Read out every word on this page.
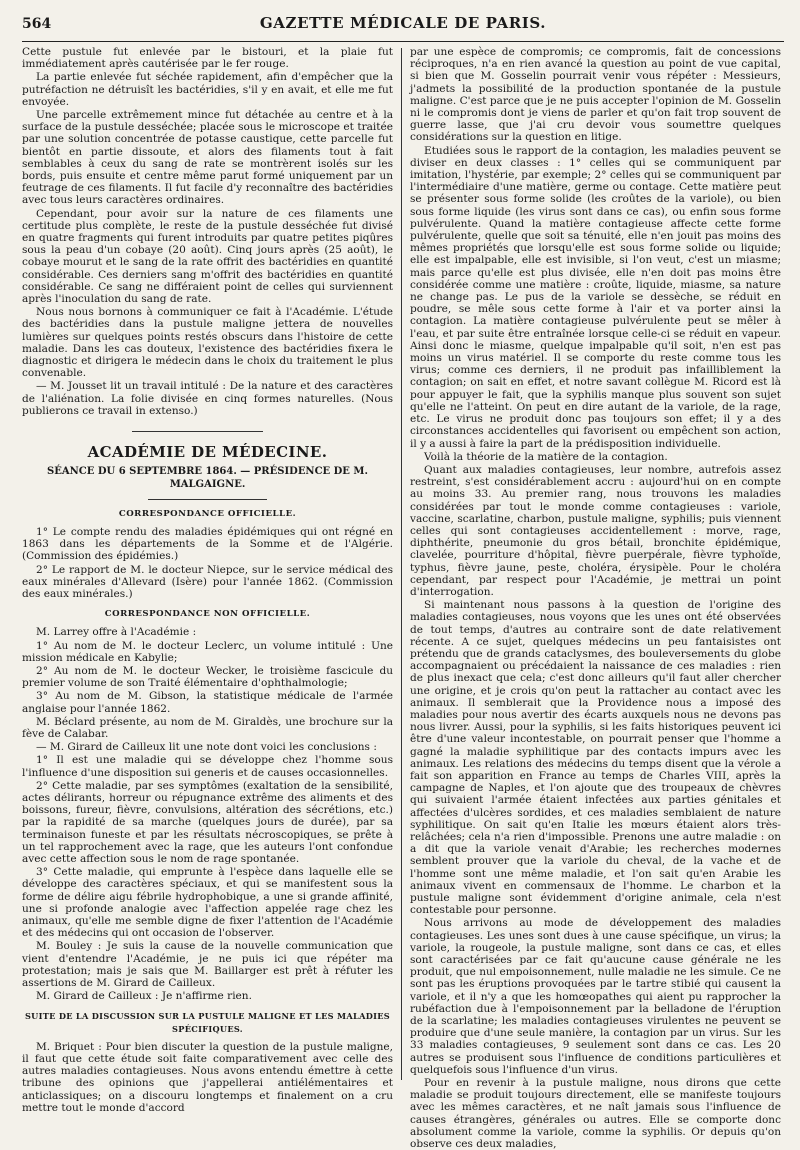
564	GAZETTE MÉDICALE DE PARIS.

Cette pustule fut enlevée par le bistouri, et la plaie fut immédiatement après cautérisée par le fer rouge.

La partie enlevée fut séchée rapidement, afin d'empêcher que la putréfaction ne détruisît les bactéridies, s'il y en avait, et elle me fut envoyée.

Une parcelle extrêmement mince fut détachée au centre et à la surface de la pustule desséchée; placée sous le microscope et traitée par une solution concentrée de potasse caustique, cette parcelle fut bientôt en partie dissoute, et alors des filaments tout à fait semblables à ceux du sang de rate se montrèrent isolés sur les bords, puis ensuite et centre même parut formé uniquement par un feutrage de ces filaments. Il fut facile d'y reconnaître des bactéridies avec tous leurs caractères ordinaires.

Cependant, pour avoir sur la nature de ces filaments une certitude plus complète, le reste de la pustule desséchée fut divisé en quatre fragments qui furent introduits par quatre petites piqûres sous la peau d'un cobaye (20 août). Cinq jours après (25 août), le cobaye mourut et le sang de la rate offrit des bactéridies en quantité considérable. Ces derniers sang m'offrit des bactéridies en quantité considérable. Ce sang ne différaient point de celles qui surviennent après l'inoculation du sang de rate.

Nous nous bornons à communiquer ce fait à l'Académie. L'étude des bactéridies dans la pustule maligne jettera de nouvelles lumières sur quelques points restés obscurs dans l'histoire de cette maladie. Dans les cas douteux, l'existence des bactéridies fixera le diagnostic et dirigera le médecin dans le choix du traitement le plus convenable.

— M. Jousset lit un travail intitulé : De la nature et des caractères de l'aliénation. La folie divisée en cinq formes naturelles. (Nous publierons ce travail in extenso.)

ACADÉMIE DE MÉDECINE.
SÉANCE DU 6 SEPTEMBRE 1864. — PRÉSIDENCE DE M. MALGAIGNE.
CORRESPONDANCE OFFICIELLE.

1° Le compte rendu des maladies épidémiques qui ont régné en 1863 dans les départements de la Somme et de l'Algérie. (Commission des épidémies.)

2° Le rapport de M. le docteur Niepce, sur le service médical des eaux minérales d'Allevard (Isère) pour l'année 1862. (Commission des eaux minérales.)

CORRESPONDANCE NON OFFICIELLE.

M. Larrey offre à l'Académie :

1° Au nom de M. le docteur Leclerc, un volume intitulé : Une mission médicale en Kabylie;

2° Au nom de M. le docteur Wecker, le troisième fascicule du premier volume de son Traité élémentaire d'ophthalmologie;

3° Au nom de M. Gibson, la statistique médicale de l'armée anglaise pour l'année 1862.

M. Béclard présente, au nom de M. Giraldès, une brochure sur la fève de Calabar.

— M. Girard de Cailleux lit une note dont voici les conclusions :

1° Il est une maladie qui se développe chez l'homme sous l'influence d'une disposition sui generis et de causes occasionnelles.

2° Cette maladie, par ses symptômes (exaltation de la sensibilité, actes délirants, horreur ou répugnance extrême des aliments et des boissons, fureur, fièvre, convulsions, altération des sécrétions, etc.) par la rapidité de sa marche (quelques jours de durée), par sa terminaison funeste et par les résultats nécroscopiques, se prête à un tel rapprochement avec la rage, que les auteurs l'ont confondue avec cette affection sous le nom de rage spontanée.

3° Cette maladie, qui emprunte à l'espèce dans laquelle elle se développe des caractères spéciaux, et qui se manifestent sous la forme de délire aigu fébrile hydrophobique, a une si grande affinité, une si profonde analogie avec l'affection appelée rage chez les animaux, qu'elle me semble digne de fixer l'attention de l'Académie et des médecins qui ont occasion de l'observer.

M. Bouley : Je suis la cause de la nouvelle communication que vient d'entendre l'Académie, je ne puis ici que répéter ma protestation; mais je sais que M. Baillarger est prêt à réfuter les assertions de M. Girard de Cailleux.

M. Girard de Cailleux : Je n'affirme rien.

SUITE DE LA DISCUSSION SUR LA PUSTULE MALIGNE ET LES MALADIES SPÉCIFIQUES.

M. Briquet : Pour bien discuter la question de la pustule maligne, il faut que cette étude soit faite comparativement avec celle des autres maladies contagieuses. Nous avons entendu émettre à cette tribune des opinions que j'appellerai antiélémentaires et anticlassiques; on a discouru longtemps et finalement on a cru mettre tout le monde d'accord

par une espèce de compromis; ce compromis, fait de concessions réciproques, n'a en rien avancé la question au point de vue capital, si bien que M. Gosselin pourrait venir vous répéter : Messieurs, j'admets la possibilité de la production spontanée de la pustule maligne. C'est parce que je ne puis accepter l'opinion de M. Gosselin ni le compromis dont je viens de parler et qu'on fait trop souvent de guerre lasse, que j'ai cru devoir vous soumettre quelques considérations sur la question en litige.

Etudiées sous le rapport de la contagion, les maladies peuvent se diviser en deux classes : 1° celles qui se communiquent par imitation, l'hystérie, par exemple; 2° celles qui se communiquent par l'intermédiaire d'une matière, germe ou contage. Cette matière peut se présenter sous forme solide (les croûtes de la variole), ou bien sous forme liquide (les virus sont dans ce cas), ou enfin sous forme pulvérulente. Quand la matière contagieuse affecte cette forme pulvérulente, quelle que soit sa ténuité, elle n'en jouit pas moins des mêmes propriétés que lorsqu'elle est sous forme solide ou liquide; elle est impalpable, elle est invisible, si l'on veut, c'est un miasme; mais parce qu'elle est plus divisée, elle n'en doit pas moins être considérée comme une matière : croûte, liquide, miasme, sa nature ne change pas. Le pus de la variole se dessèche, se réduit en poudre, se mêle sous cette forme à l'air et va porter ainsi la contagion. La matière contagieuse pulvérulente peut se mêler à l'eau, et par suite être entraînée lorsque celle-ci se réduit en vapeur. Ainsi donc le miasme, quelque impalpable qu'il soit, n'en est pas moins un virus matériel. Il se comporte du reste comme tous les virus; comme ces derniers, il ne produit pas infailliblement la contagion; on sait en effet, et notre savant collègue M. Ricord est là pour appuyer le fait, que la syphilis manque plus souvent son sujet qu'elle ne l'atteint. On peut en dire autant de la variole, de la rage, etc. Le virus ne produit donc pas toujours son effet; il y a des circonstances accidentelles qui favorisent ou empêchent son action, il y a aussi à faire la part de la prédisposition individuelle.

Voilà la théorie de la matière de la contagion.

Quant aux maladies contagieuses, leur nombre, autrefois assez restreint, s'est considérablement accru : aujourd'hui on en compte au moins 33. Au premier rang, nous trouvons les maladies considérées par tout le monde comme contagieuses : variole, vaccine, scarlatine, charbon, pustule maligne, syphilis; puis viennent celles qui sont contagieuses accidentellement : morve, rage, diphthérite, pneumonie du gros bétail, bronchite épidémique, clavelée, pourriture d'hôpital, fièvre puerpérale, fièvre typhoïde, typhus, fièvre jaune, peste, choléra, érysipèle. Pour le choléra cependant, par respect pour l'Académie, je mettrai un point d'interrogation.

Si maintenant nous passons à la question de l'origine des maladies contagieuses, nous voyons que les unes ont été observées de tout temps, d'autres au contraire sont de date relativement récente. A ce sujet, quelques médecins un peu fantaisistes ont prétendu que de grands cataclysmes, des bouleversements du globe accompagnaient ou précédaient la naissance de ces maladies : rien de plus inexact que cela; c'est donc ailleurs qu'il faut aller chercher une origine, et je crois qu'on peut la rattacher au contact avec les animaux. Il semblerait que la Providence nous a imposé des maladies pour nous avertir des écarts auxquels nous ne devons pas nous livrer. Aussi, pour la syphilis, si les faits historiques peuvent ici être d'une valeur incontestable, on pourrait penser que l'homme a gagné la maladie syphilitique par des contacts impurs avec les animaux. Les relations des médecins du temps disent que la vérole a fait son apparition en France au temps de Charles VIII, après la campagne de Naples, et l'on ajoute que des troupeaux de chèvres qui suivaient l'armée étaient infectées aux parties génitales et affectées d'ulcères sordides, et ces maladies semblaient de nature syphilitique. On sait qu'en Italie les mœurs étaient alors très-relâchées; cela n'a rien d'impossible. Prenons une autre maladie : on a dit que la variole venait d'Arabie; les recherches modernes semblent prouver que la variole du cheval, de la vache et de l'homme sont une même maladie, et l'on sait qu'en Arabie les animaux vivent en commensaux de l'homme. Le charbon et la pustule maligne sont évidemment d'origine animale, cela n'est contestable pour personne.

Nous arrivons au mode de développement des maladies contagieuses. Les unes sont dues à une cause spécifique, un virus; la variole, la rougeole, la pustule maligne, sont dans ce cas, et elles sont caractérisées par ce fait qu'aucune cause générale ne les produit, que nul empoisonnement, nulle maladie ne les simule. Ce ne sont pas les éruptions provoquées par le tartre stibié qui causent la variole, et il n'y a que les homœopathes qui aient pu rapprocher la rubéfaction due à l'empoisonnement par la belladone de l'éruption de la scarlatine; les maladies contagieuses virulentes ne peuvent se produire que d'une seule manière, la contagion par un virus. Sur les 33 maladies contagieuses, 9 seulement sont dans ce cas. Les 20 autres se produisent sous l'influence de conditions particulières et quelquefois sous l'influence d'un virus.

Pour en revenir à la pustule maligne, nous dirons que cette maladie se produit toujours directement, elle se manifeste toujours avec les mêmes caractères, et ne naît jamais sous l'influence de causes étrangères, générales ou autres. Elle se comporte donc absolument comme la variole, comme la syphilis. Or depuis qu'on observe ces deux maladies,
